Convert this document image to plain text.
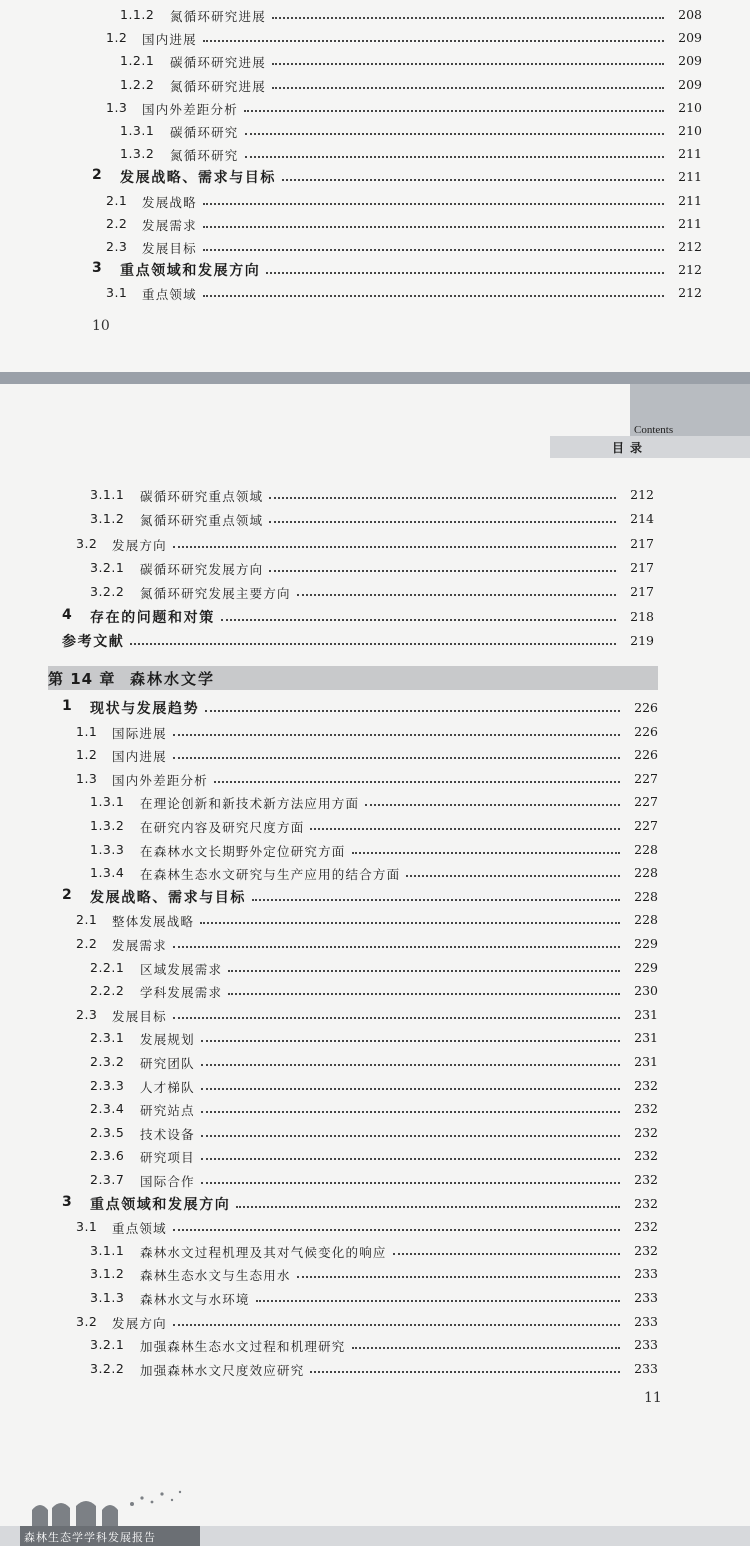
1.1.2 氮循环研究进展	208
1.2 国内进展	209
1.2.1 碳循环研究进展	209
1.2.2 氮循环研究进展	209
1.3 国内外差距分析	210
1.3.1 碳循环研究	210
1.3.2 氮循环研究	211
2 发展战略、需求与目标	211
2.1 发展战略	211
2.2 发展需求	211
2.3 发展目标	212
3 重点领域和发展方向	212
3.1 重点领域	212
10
Contents
目录
3.1.1 碳循环研究重点领域	212
3.1.2 氮循环研究重点领域	214
3.2 发展方向	217
3.2.1 碳循环研究发展方向	217
3.2.2 氮循环研究发展主要方向	217
4 存在的问题和对策	218
参考文献	219
第 14 章 森林水文学
1 现状与发展趋势	226
1.1 国际进展	226
1.2 国内进展	226
1.3 国内外差距分析	227
1.3.1 在理论创新和新技术新方法应用方面	227
1.3.2 在研究内容及研究尺度方面	227
1.3.3 在森林水文长期野外定位研究方面	228
1.3.4 在森林生态水文研究与生产应用的结合方面	228
2 发展战略、需求与目标	228
2.1 整体发展战略	228
2.2 发展需求	229
2.2.1 区域发展需求	229
2.2.2 学科发展需求	230
2.3 发展目标	231
2.3.1 发展规划	231
2.3.2 研究团队	231
2.3.3 人才梯队	232
2.3.4 研究站点	232
2.3.5 技术设备	232
2.3.6 研究项目	232
2.3.7 国际合作	232
3 重点领域和发展方向	232
3.1 重点领域	232
3.1.1 森林水文过程机理及其对气候变化的响应	232
3.1.2 森林生态水文与生态用水	233
3.1.3 森林水文与水环境	233
3.2 发展方向	233
3.2.1 加强森林生态水文过程和机理研究	233
3.2.2 加强森林水文尺度效应研究	233
11
森林生态学学科发展报告
